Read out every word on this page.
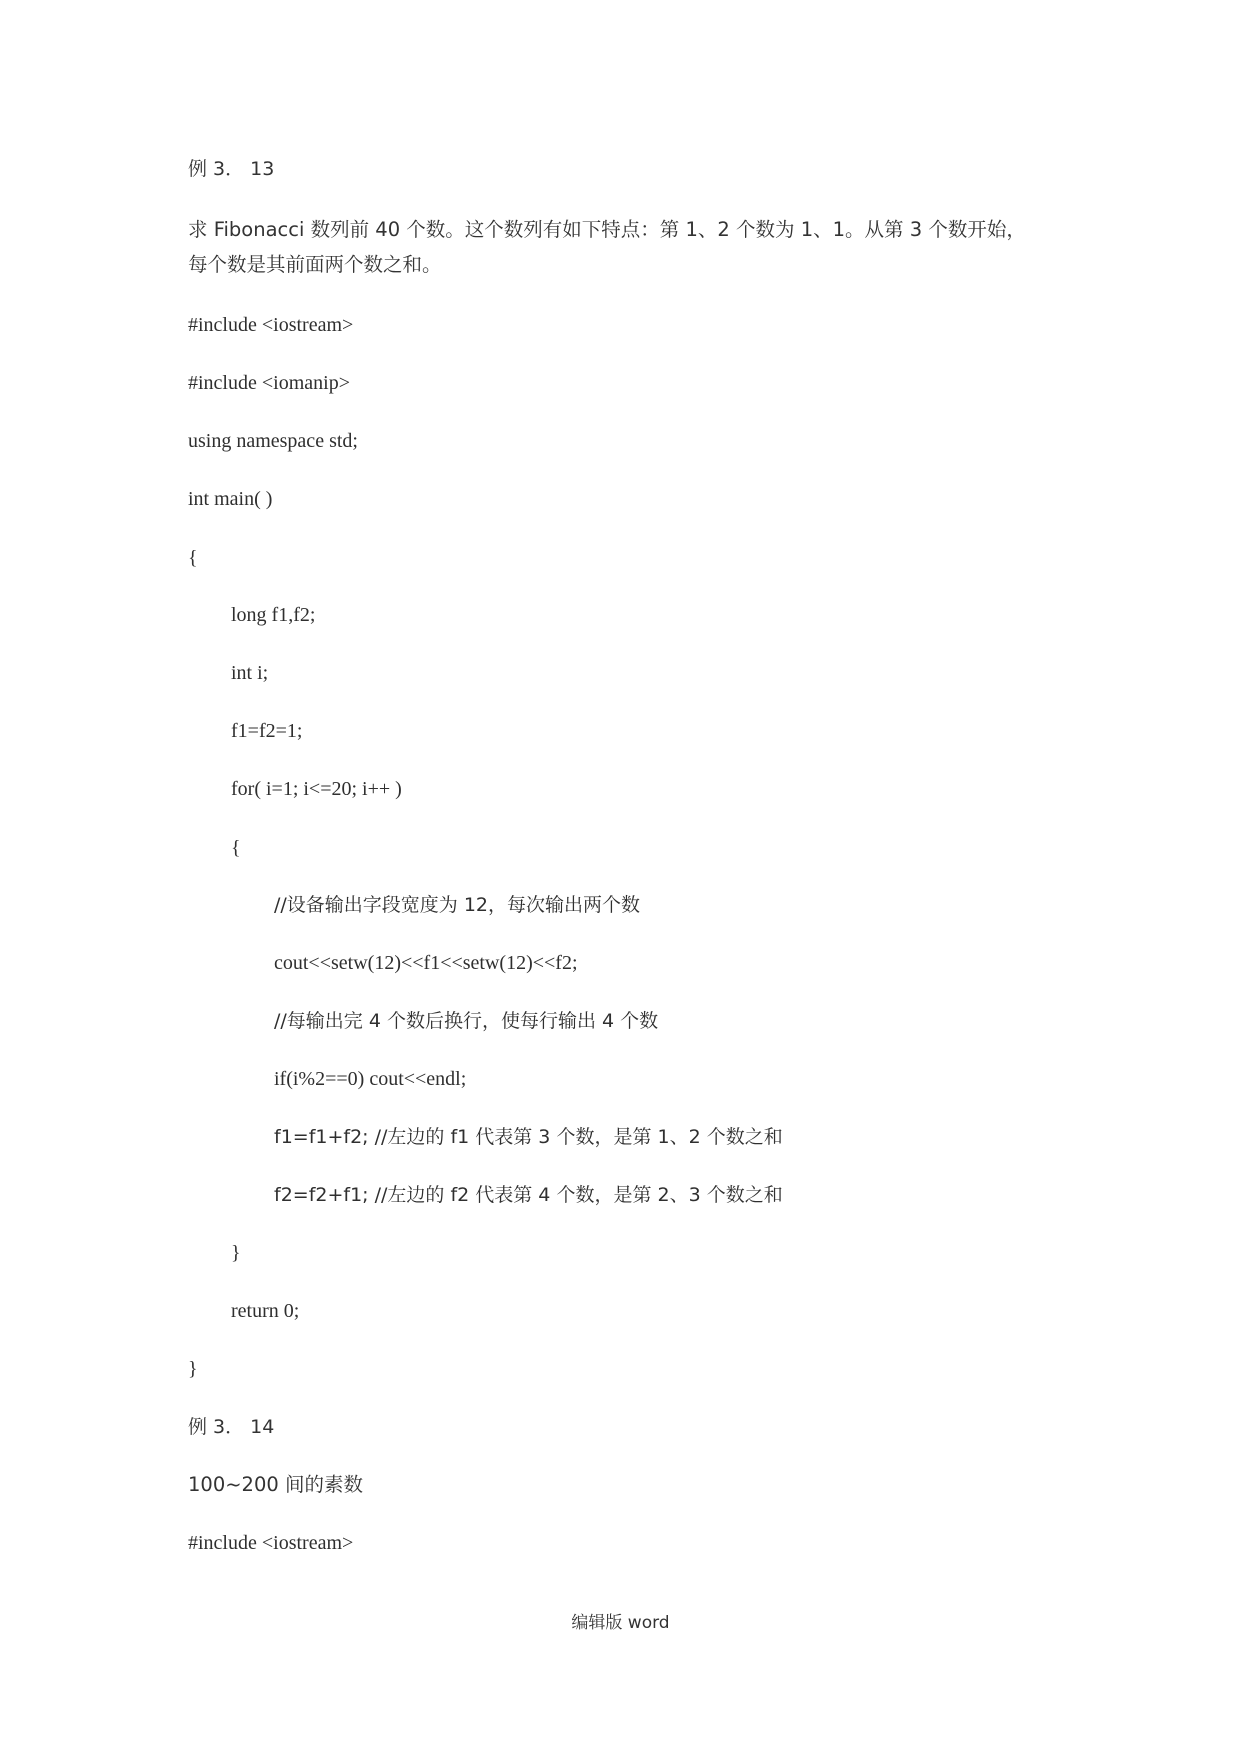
例 3． 13
求 Fibonacci 数列前 40 个数。这个数列有如下特点：第 1、2 个数为 1、1。从第 3 个数开始，
每个数是其前面两个数之和。
#include <iostream>
#include <iomanip>
using namespace std;
int main( )
{
long f1,f2;
int i;
f1=f2=1;
for( i=1; i<=20; i++ )
{
//设备输出字段宽度为 12，每次输出两个数
cout<<setw(12)<<f1<<setw(12)<<f2;
//每输出完 4 个数后换行，使每行输出 4 个数
if(i%2==0) cout<<endl;
f1=f1+f2; //左边的 f1 代表第 3 个数，是第 1、2 个数之和
f2=f2+f1; //左边的 f2 代表第 4 个数，是第 2、3 个数之和
}
return 0;
}
例 3． 14
100~200 间的素数
#include <iostream>
编辑版 word
